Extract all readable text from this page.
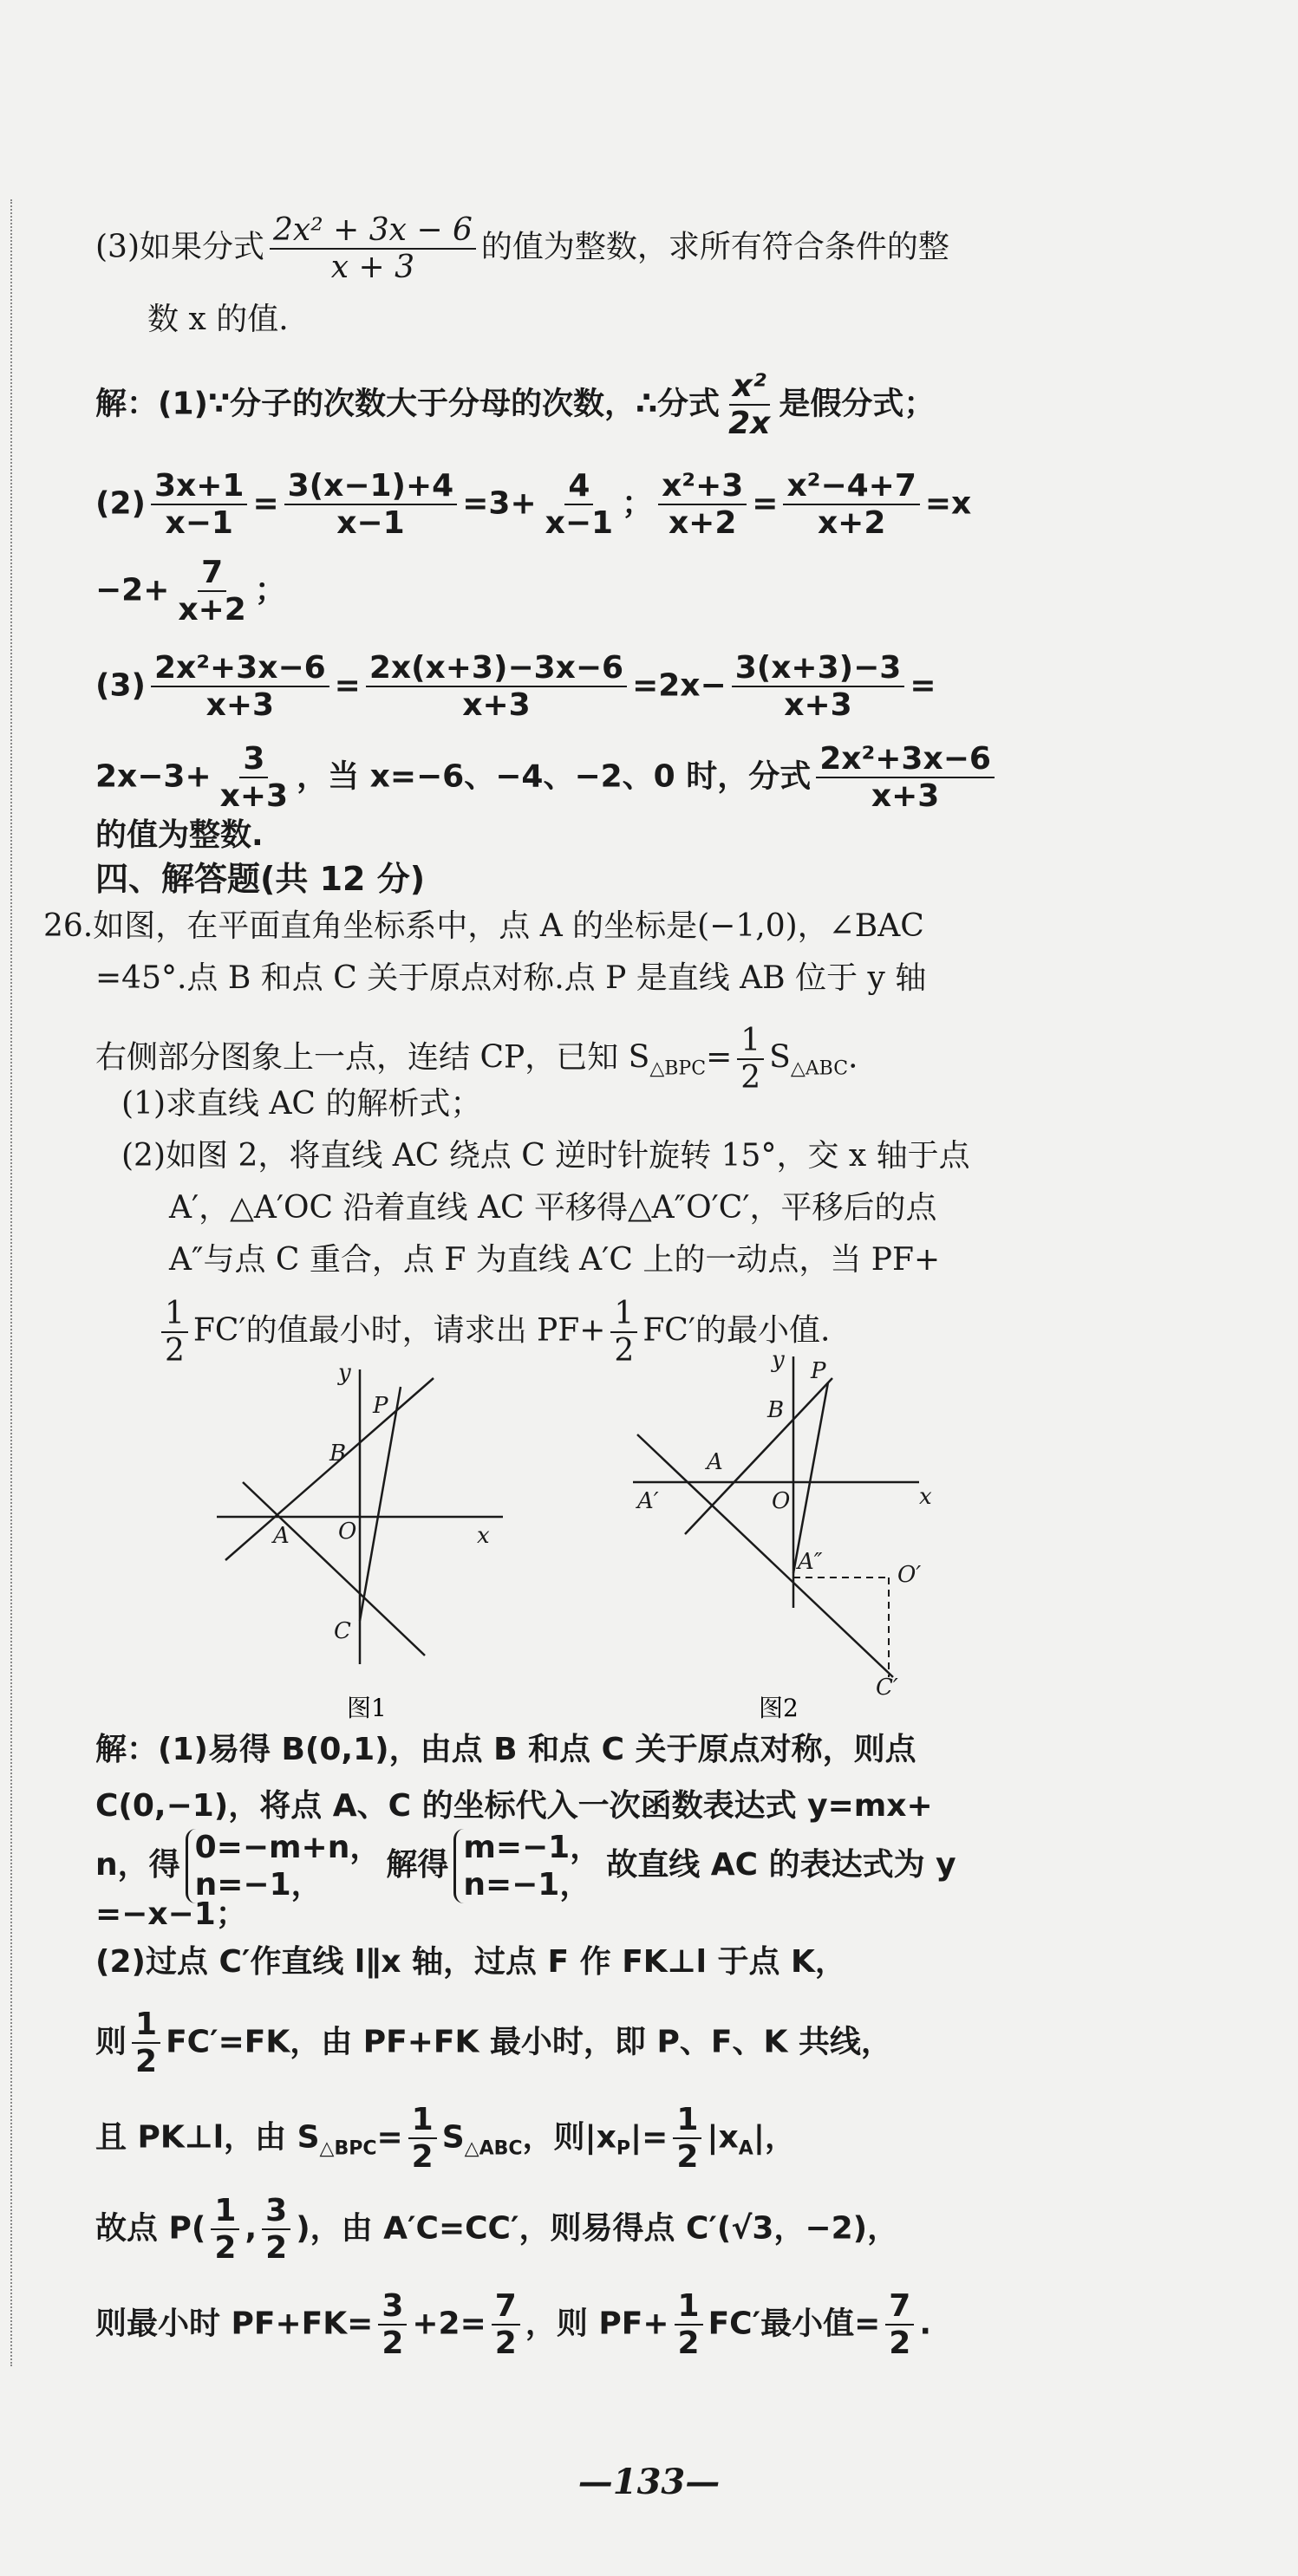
(3)如果分式 $\frac{\text{2x² + 3x − 6}}{x + 3}$ 的值为整数，求所有符合条件的整
数 x 的值.
解：(1)∵分子的次数大于分母的次数，∴分式 $\frac{\text{x²}}{2x}$ 是假分式；
$(2) \frac{3x+1}{x-1} = \frac{3(x-1)+4}{x-1} =3+ \frac{4}{x-1}$ ； $\frac{\text{x²+3}}{x+2} = \frac{\text{x²−4+7}}{x+2} =x$
$-2+ \frac{7}{x+2}$ ；
$(3) \frac{\text{2x²+3x−6}}{x+3} = \frac{2x(x+3)-3x-6}{x+3} =2x- \frac{3(x+3)-3}{x+3}$ =
$2x-3+ \frac{3}{x+3}$ ，当 x=−6、−4、−2、0 时，分式 $\frac{\text{2x²+3x−6}}{x+3}$
的值为整数.
四、解答题(共 12 分)
26.如图，在平面直角坐标系中，点 A 的坐标是(−1,0)，∠BAC
=45°.点 B 和点 C 关于原点对称.点 P 是直线 AB 位于 y 轴
右侧部分图象上一点，连结 CP，已知 $S_{\triangle BPC}= \frac{1}{2} S_{\triangle ABC}$.
(1)求直线 AC 的解析式；
(2)如图 2，将直线 AC 绕点 C 逆时针旋转 15°，交 x 轴于点
A′，△A′OC 沿着直线 AC 平移得△A″O′C′，平移后的点
A″与点 C 重合，点 F 为直线 A′C 上的一动点，当 PF+
$\frac{1}{2} FC'$的值最小时，请求出 $PF+ \frac{1}{2} FC'$的最小值.
y
P
B
A O	x
C
图1
y P
B
A
A′	O	x
A″	O′
C′
图2
解：(1)易得 B(0,1)，由点 B 和点 C 关于原点对称，则点
C(0,−1)，将点 A、C 的坐标代入一次函数表达式 y=mx+
n，得 0=−m+n，
n=−1，
解得 m=−1，
n=−1，
故直线 AC 的表达式为 y
=−x−1；
(2)过点 C′作直线 l∥x 轴，过点 F 作 FK⊥l 于点 K，
则 $\frac{1}{2} FC'=FK$，由 PF+FK 最小时，即 P、F、K 共线，
且 PK⊥l，由 $S_{\triangle BPC}= \frac{1}{2} S_{\triangle ABC}$，则$|x_P|= \frac{1}{2} |x_A|$，
故点 $P( \frac{1}{2}$ , $\frac{3}{2}$ )，由 A′C=CC′，则易得点 C′(√3，−2)，
则最小时 $PF+FK= \frac{3}{2} +2= \frac{7}{2}$ ，则 $PF+ \frac{1}{2} FC'$最小值= $\frac{7}{2}$ .
—133—
